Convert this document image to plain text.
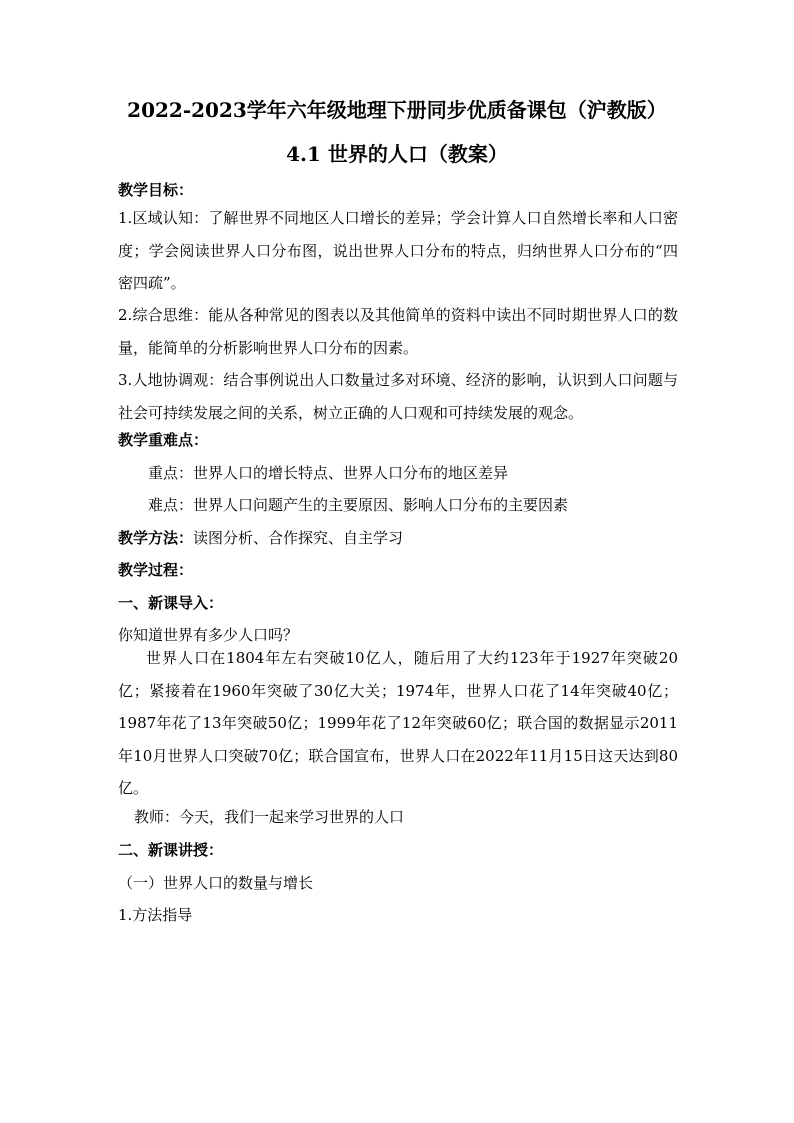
2022-2023学年六年级地理下册同步优质备课包（沪教版）
4.1 世界的人口（教案）
教学目标：
1.区域认知：了解世界不同地区人口增长的差异；学会计算人口自然增长率和人口密度；学会阅读世界人口分布图，说出世界人口分布的特点，归纳世界人口分布的“四密四疏”。
2.综合思维：能从各种常见的图表以及其他简单的资料中读出不同时期世界人口的数量，能简单的分析影响世界人口分布的因素。
3.人地协调观：结合事例说出人口数量过多对环境、经济的影响，认识到人口问题与社会可持续发展之间的关系，树立正确的人口观和可持续发展的观念。
教学重难点：
重点：世界人口的增长特点、世界人口分布的地区差异
难点：世界人口问题产生的主要原因、影响人口分布的主要因素
教学方法：读图分析、合作探究、自主学习
教学过程：
一、新课导入：
你知道世界有多少人口吗？
世界人口在1804年左右突破10亿人，随后用了大约123年于1927年突破20亿；紧接着在1960年突破了30亿大关；1974年，世界人口花了14年突破40亿；1987年花了13年突破50亿；1999年花了12年突破60亿；联合国的数据显示2011年10月世界人口突破70亿；联合国宣布，世界人口在2022年11月15日这天达到80亿。
教师：今天，我们一起来学习世界的人口
二、新课讲授：
（一）世界人口的数量与增长
1.方法指导
